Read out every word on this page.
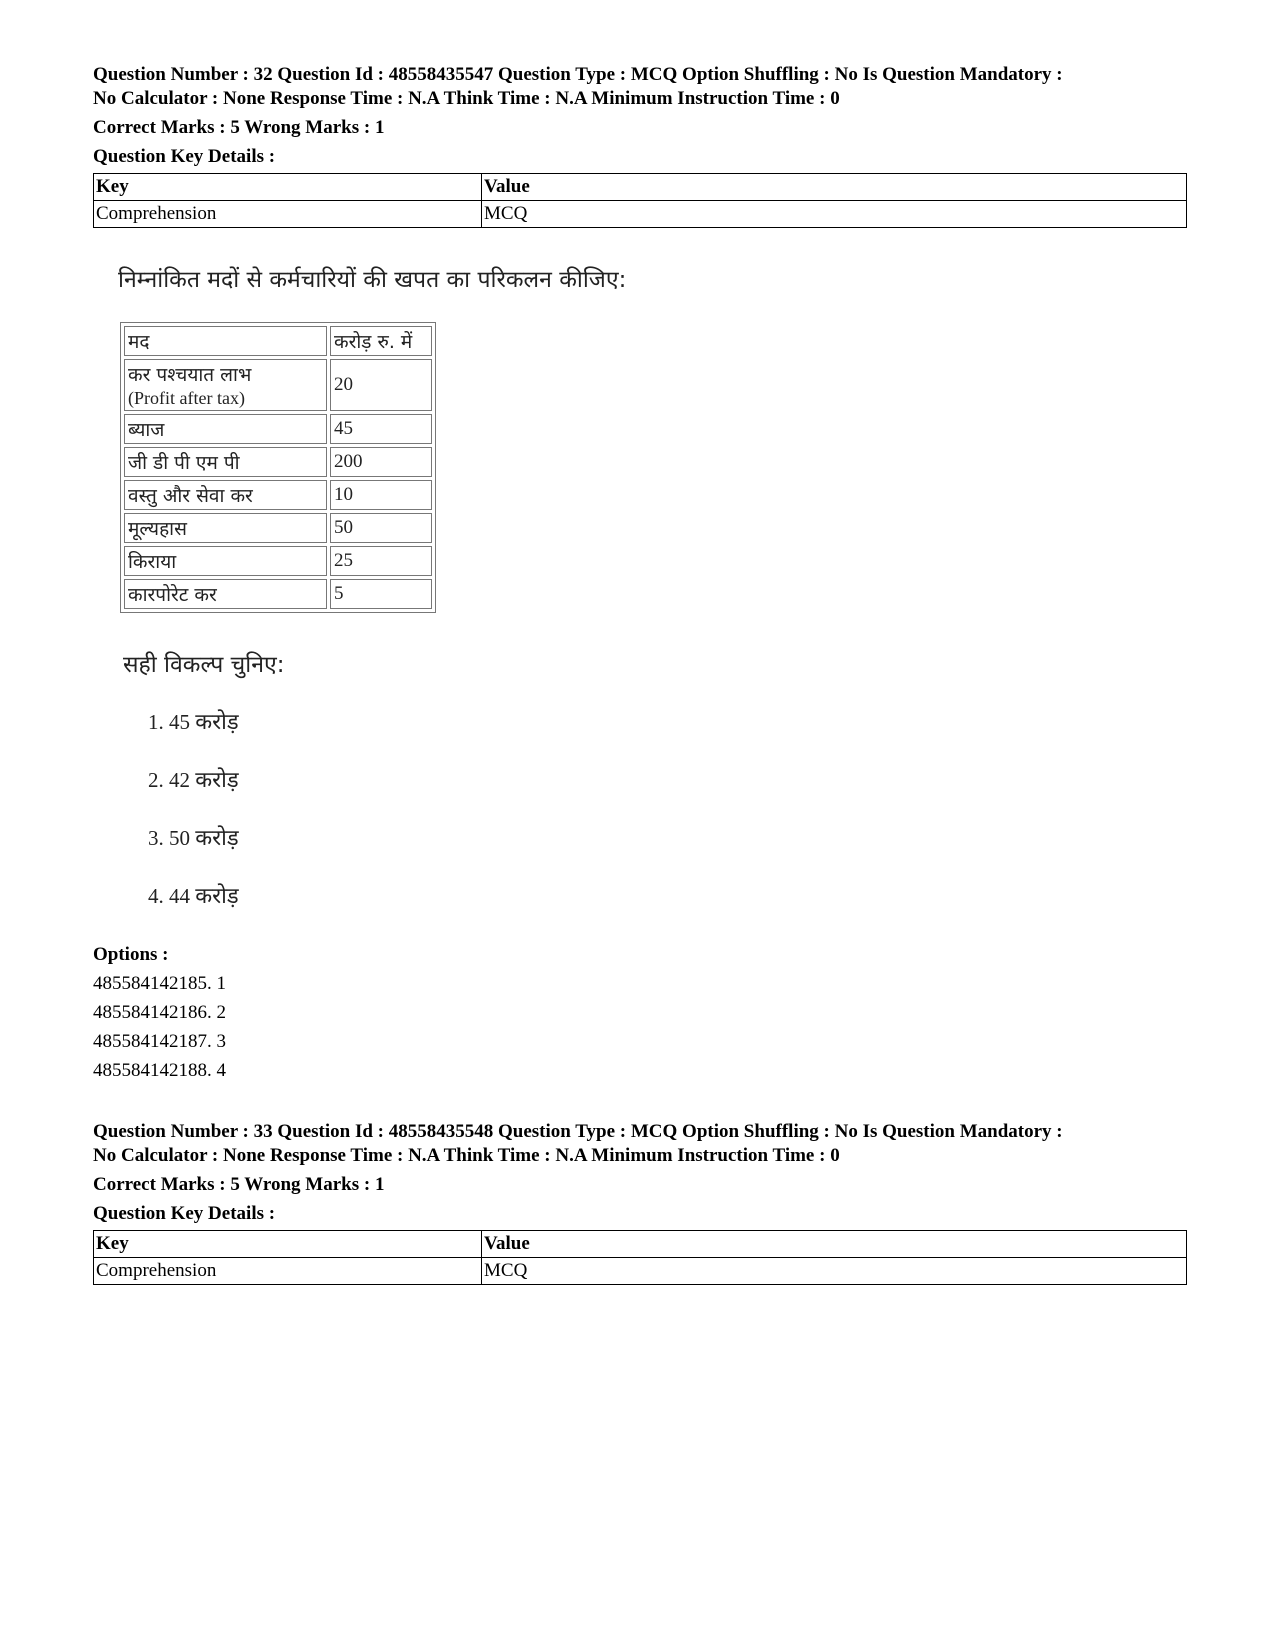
Question Number : 32 Question Id : 48558435547 Question Type : MCQ Option Shuffling : No Is Question Mandatory :

No Calculator : None Response Time : N.A Think Time : N.A Minimum Instruction Time : 0

Correct Marks : 5 Wrong Marks : 1

Question Key Details :

Key	Value
Comprehension	MCQ
निम्नांकित मदों से कर्मचारियों की खपत का परिकलन कीजिए:
मद	करोड़ रु. में

कर पश्चयात लाभ
(Profit after tax)	20
ब्याज	45
जी डी पी एम पी	200
वस्तु और सेवा कर	10
मूल्यहास	50
किराया	25
कारपोरेट कर	5
सही विकल्प चुनिए:
1. 45 करोड़
2. 42 करोड़
3. 50 करोड़
4. 44 करोड़
Options :
485584142185. 1
485584142186. 2
485584142187. 3
485584142188. 4

Question Number : 33 Question Id : 48558435548 Question Type : MCQ Option Shuffling : No Is Question Mandatory :

No Calculator : None Response Time : N.A Think Time : N.A Minimum Instruction Time : 0

Correct Marks : 5 Wrong Marks : 1

Question Key Details :

Key	Value
Comprehension	MCQ
